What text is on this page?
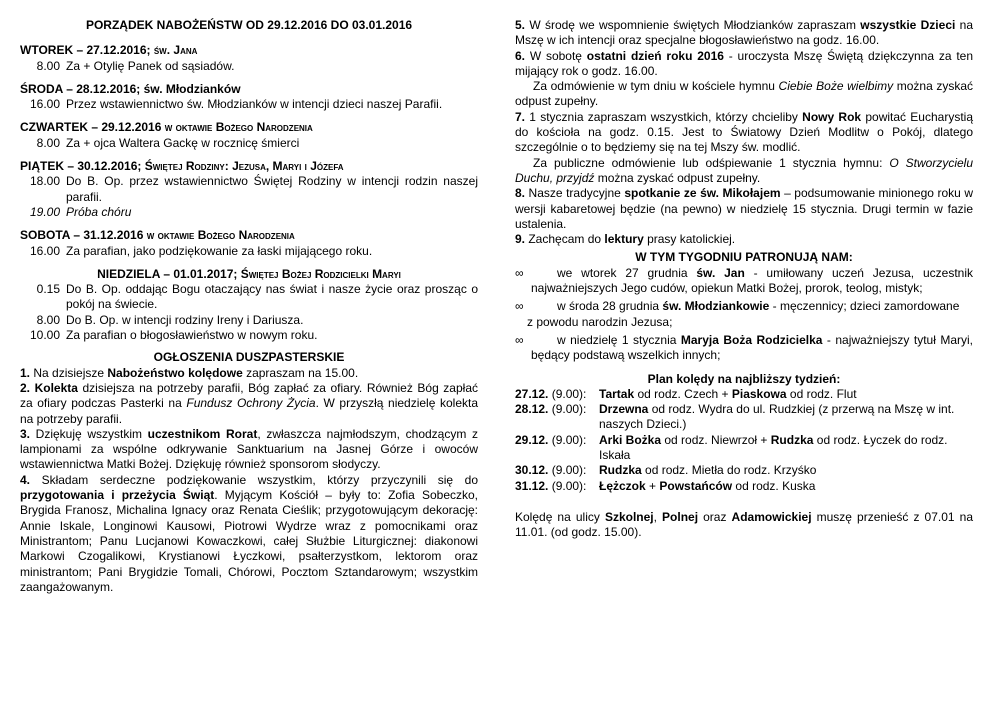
PORZĄDEK NABOŻEŃSTW OD 29.12.2016 DO 03.01.2016
WTOREK – 27.12.2016; św. Jana
8.00 Za + Otylię Panek od sąsiadów.
ŚRODA – 28.12.2016; św. Młodzianków
16.00 Przez wstawiennictwo św. Młodzianków w intencji dzieci naszej Parafii.
CZWARTEK – 29.12.2016 w oktawie Bożego Narodzenia
8.00 Za + ojca Waltera Gackę w rocznicę śmierci
PIĄTEK – 30.12.2016; Świętej Rodziny: Jezusa, Maryi i Józefa
18.00 Do B. Op. przez wstawiennictwo Świętej Rodziny w intencji rodzin naszej parafii.
19.00 Próba chóru
SOBOTA – 31.12.2016 w oktawie Bożego Narodzenia
16.00 Za parafian, jako podziękowanie za łaski mijającego roku.
NIEDZIELA – 01.01.2017; Świętej Bożej Rodzicielki Maryi
0.15 Do B. Op. oddając Bogu otaczający nas świat i nasze życie oraz prosząc o pokój na świecie.
8.00 Do B. Op. w intencji rodziny Ireny i Dariusza.
10.00 Za parafian o błogosławieństwo w nowym roku.
OGŁOSZENIA DUSZPASTERSKIE
1. Na dzisiejsze Nabożeństwo kolędowe zapraszam na 15.00.
2. Kolekta dzisiejsza na potrzeby parafii, Bóg zapłać za ofiary. Również Bóg zapłać za ofiary podczas Pasterki na Fundusz Ochrony Życia. W przyszłą niedzielę kolekta na potrzeby parafii.
3. Dziękuję wszystkim uczestnikom Rorat, zwłaszcza najmłodszym, chodzącym z lampionami za wspólne odkrywanie Sanktuarium na Jasnej Górze i owoców wstawiennictwa Matki Bożej. Dziękuję również sponsorom słodyczy.
4. Składam serdeczne podziękowanie wszystkim, którzy przyczynili się do przygotowania i przeżycia Świąt. Myjącym Kościół – były to: Zofia Sobeczko, Brygida Franosz, Michalina Ignacy oraz Renata Cieślik; przygotowującym dekorację: Annie Iskale, Longinowi Kausowi, Piotrowi Wydrze wraz z pomocnikami oraz Ministrantom; Panu Lucjanowi Kowaczkowi, całej Służbie Liturgicznej: diakonowi Markowi Czogalikowi, Krystianowi Łyczkowi, psałterzystkom, lektorom oraz ministrantom; Pani Brygidzie Tomali, Chórowi, Pocztom Sztandarowym; wszystkim zaangażowanym.
5. W środę we wspomnienie świętych Młodzianków zapraszam wszystkie Dzieci na Mszę w ich intencji oraz specjalne błogosławieństwo na godz. 16.00.
6. W sobotę ostatni dzień roku 2016 - uroczysta Mszę Świętą dziękczynna za ten mijający rok o godz. 16.00.
Za odmówienie w tym dniu w kościele hymnu Ciebie Boże wielbimy można zyskać odpust zupełny.
7. 1 stycznia zapraszam wszystkich, którzy chcieliby Nowy Rok powitać Eucharystią do kościoła na godz. 0.15. Jest to Światowy Dzień Modlitw o Pokój, dlatego szczególnie o to będziemy się na tej Mszy św. modlić.
Za publiczne odmówienie lub odśpiewanie 1 stycznia hymnu: O Stworzycielu Duchu, przyjdź można zyskać odpust zupełny.
8. Nasze tradycyjne spotkanie ze św. Mikołajem – podsumowanie minionego roku w wersji kabaretowej będzie (na pewno) w niedzielę 15 stycznia. Drugi termin w fazie ustalenia.
9. Zachęcam do lektury prasy katolickiej.
W TYM TYGODNIU PATRONUJĄ NAM:
∞	we wtorek 27 grudnia św. Jan - umiłowany uczeń Jezusa, uczestnik najważniejszych Jego cudów, opiekun Matki Bożej, prorok, teolog, mistyk;
∞	w środa 28 grudnia św. Młodziankowie - męczennicy; dzieci zamordowane
z powodu narodzin Jezusa;
∞	w niedzielę 1 stycznia Maryja Boża Rodzicielka - najważniejszy tytuł Maryi, będący podstawą wszelkich innych;
Plan kolędy na najbliższy tydzień:
27.12. (9.00):	Tartak od rodz. Czech + Piaskowa od rodz. Flut
28.12. (9.00):	Drzewna od rodz. Wydra do ul. Rudzkiej (z przerwą na Mszę w int. naszych Dzieci.)
29.12. (9.00):	Arki Bożka od rodz. Niewrzoł + Rudzka od rodz. Łyczek do rodz. Iskała
30.12. (9.00):	Rudzka od rodz. Mietła do rodz. Krzyśko
31.12. (9.00):	Łężczok + Powstańców od rodz. Kuska
Kolędę na ulicy Szkolnej, Polnej oraz Adamowickiej muszę przenieść z 07.01 na 11.01. (od godz. 15.00).
